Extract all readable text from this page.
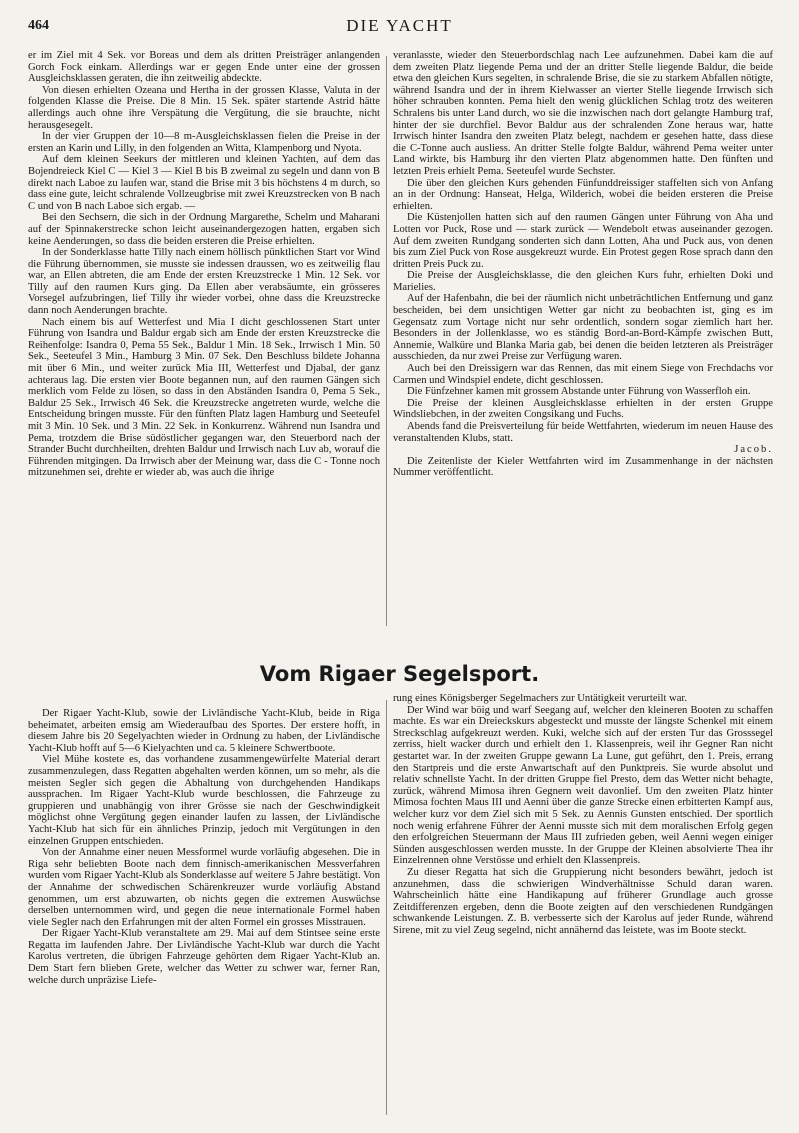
464	DIE YACHT

er im Ziel mit 4 Sek. vor Boreas und dem als dritten Preisträger anlangenden Gorch Fock einkam. Allerdings war er gegen Ende unter eine der grossen Ausgleichsklassen geraten, die ihn zeitweilig abdeckte.

Von diesen erhielten Ozeana und Hertha in der grossen Klasse, Valuta in der folgenden Klasse die Preise. Die 8 Min. 15 Sek. später startende Astrid hätte allerdings auch ohne ihre Verspätung die Vergütung, die sie brauchte, nicht herausgesegelt.

In der vier Gruppen der 10—8 m-Ausgleichsklassen fielen die Preise in der ersten an Karin und Lilly, in den folgenden an Witta, Klampenborg und Nyota.

Auf dem kleinen Seekurs der mittleren und kleinen Yachten, auf dem das Bojendreieck Kiel C — Kiel 3 — Kiel B bis B zweimal zu segeln und dann von B direkt nach Laboe zu laufen war, stand die Brise mit 3 bis höchstens 4 m durch, so dass eine gute, leicht schralende Vollzeugbrise mit zwei Kreuzstrecken von B nach C und von B nach Laboe sich ergab. —

Bei den Sechsern, die sich in der Ordnung Margarethe, Schelm und Maharani auf der Spinnakerstrecke schon leicht auseinandergezogen hatten, ergaben sich keine Aenderungen, so dass die beiden ersteren die Preise erhielten.

In der Sonderklasse hatte Tilly nach einem höllisch pünktlichen Start vor Wind die Führung übernommen, sie musste sie indessen draussen, wo es zeitweilig flau war, an Ellen abtreten, die am Ende der ersten Kreuzstrecke 1 Min. 12 Sek. vor Tilly auf den raumen Kurs ging. Da Ellen aber verabsäumte, ein grösseres Vorsegel aufzubringen, lief Tilly ihr wieder vorbei, ohne dass die Kreuzstrecke dann noch Aenderungen brachte.

Nach einem bis auf Wetterfest und Mia I dicht geschlossenen Start unter Führung von Isandra und Baldur ergab sich am Ende der ersten Kreuzstrecke die Reihenfolge: Isandra 0, Pema 55 Sek., Baldur 1 Min. 18 Sek., Irrwisch 1 Min. 50 Sek., Seeteufel 3 Min., Hamburg 3 Min. 07 Sek. Den Beschluss bildete Johanna mit über 6 Min., und weiter zurück Mia III, Wetterfest und Djabal, der ganz achteraus lag. Die ersten vier Boote begannen nun, auf den raumen Gängen sich merklich vom Felde zu lösen, so dass in den Abständen Isandra 0, Pema 5 Sek., Baldur 25 Sek., Irrwisch 46 Sek. die Kreuzstrecke angetreten wurde, welche die Entscheidung bringen musste. Für den fünften Platz lagen Hamburg und Seeteufel mit 3 Min. 10 Sek. und 3 Min. 22 Sek. in Konkurrenz. Während nun Isandra und Pema, trotzdem die Brise südöstlicher gegangen war, den Steuerbord nach der Strander Bucht durchheilten, drehten Baldur und Irrwisch nach Luv ab, worauf die Führenden mitgingen. Da Irrwisch aber der Meinung war, dass die C - Tonne noch mitzunehmen sei, drehte er wieder ab, was auch die ihrige

veranlasste, wieder den Steuerbordschlag nach Lee aufzunehmen. Dabei kam die auf dem zweiten Platz liegende Pema und der an dritter Stelle liegende Baldur, die beide etwa den gleichen Kurs segelten, in schralende Brise, die sie zu starkem Abfallen nötigte, während Isandra und der in ihrem Kielwasser an vierter Stelle liegende Irrwisch sich höher schrauben konnten. Pema hielt den wenig glücklichen Schlag trotz des weiteren Schralens bis unter Land durch, wo sie die inzwischen nach dort gelangte Hamburg traf, hinter der sie durchfiel. Bevor Baldur aus der schralenden Zone heraus war, hatte Irrwisch hinter Isandra den zweiten Platz belegt, nachdem er gesehen hatte, dass diese die C-Tonne auch ausliess. An dritter Stelle folgte Baldur, während Pema weiter unter Land wirkte, bis Hamburg ihr den vierten Platz abgenommen hatte. Den fünften und letzten Preis erhielt Pema. Seeteufel wurde Sechster.

Die über den gleichen Kurs gehenden Fünfunddreissiger staffelten sich von Anfang an in der Ordnung: Hanseat, Helga, Wilderich, wobei die beiden ersteren die Preise erhielten.

Die Küstenjollen hatten sich auf den raumen Gängen unter Führung von Aha und Lotten vor Puck, Rose und — stark zurück — Wendebolt etwas auseinander gezogen. Auf dem zweiten Rundgang sonderten sich dann Lotten, Aha und Puck aus, von denen bis zum Ziel Puck von Rose ausgekreuzt wurde. Ein Protest gegen Rose sprach dann den dritten Preis Puck zu.

Die Preise der Ausgleichsklasse, die den gleichen Kurs fuhr, erhielten Doki und Marielies.

Auf der Hafenbahn, die bei der räumlich nicht unbeträchtlichen Entfernung und ganz bescheiden, bei dem unsichtigen Wetter gar nicht zu beobachten ist, ging es im Gegensatz zum Vortage nicht nur sehr ordentlich, sondern sogar ziemlich hart her. Besonders in der Jollenklasse, wo es ständig Bord-an-Bord-Kämpfe zwischen Butt, Annemie, Walküre und Blanka Maria gab, bei denen die beiden letzteren als Preisträger ausschieden, da nur zwei Preise zur Verfügung waren.

Auch bei den Dreissigern war das Rennen, das mit einem Siege von Frechdachs vor Carmen und Windspiel endete, dicht geschlossen.

Die Fünfzehner kamen mit grossem Abstande unter Führung von Wasserfloh ein.

Die Preise der kleinen Ausgleichsklasse erhielten in der ersten Gruppe Windsliebchen, in der zweiten Congsikang und Fuchs.

Abends fand die Preisverteilung für beide Wettfahrten, wiederum im neuen Hause des veranstaltenden Klubs, statt.

Jacob.

Die Zeitenliste der Kieler Wettfahrten wird im Zusammenhange in der nächsten Nummer veröffentlicht.

Vom Rigaer Segelsport.

Der Rigaer Yacht-Klub, sowie der Livländische Yacht-Klub, beide in Riga beheimatet, arbeiten emsig am Wiederaufbau des Sportes. Der erstere hofft, in diesem Jahre bis 20 Segelyachten wieder in Ordnung zu haben, der Livländische Yacht-Klub hofft auf 5—6 Kielyachten und ca. 5 kleinere Schwertboote.

Viel Mühe kostete es, das vorhandene zusammengewürfelte Material derart zusammenzulegen, dass Regatten abgehalten werden können, um so mehr, als die meisten Segler sich gegen die Abhaltung von durchgehenden Handikaps aussprachen. Im Rigaer Yacht-Klub wurde beschlossen, die Fahrzeuge zu gruppieren und unabhängig von ihrer Grösse sie nach der Geschwindigkeit möglichst ohne Vergütung gegen einander laufen zu lassen, der Livländische Yacht-Klub hat sich für ein ähnliches Prinzip, jedoch mit Vergütungen in den einzelnen Gruppen entschieden.

Von der Annahme einer neuen Messformel wurde vorläufig abgesehen. Die in Riga sehr beliebten Boote nach dem finnisch-amerikanischen Messverfahren wurden vom Rigaer Yacht-Klub als Sonderklasse auf weitere 5 Jahre bestätigt. Von der Annahme der schwedischen Schärenkreuzer wurde vorläufig Abstand genommen, um erst abzuwarten, ob nichts gegen die extremen Auswüchse derselben unternommen wird, und gegen die neue internationale Formel haben viele Segler nach den Erfahrungen mit der alten Formel ein grosses Misstrauen.

Der Rigaer Yacht-Klub veranstaltete am 29. Mai auf dem Stintsee seine erste Regatta im laufenden Jahre. Der Livländische Yacht-Klub war durch die Yacht Karolus vertreten, die übrigen Fahrzeuge gehörten dem Rigaer Yacht-Klub an. Dem Start fern blieben Grete, welcher das Wetter zu schwer war, ferner Ran, welche durch unpräzise Liefe-

rung eines Königsberger Segelmachers zur Untätigkeit verurteilt war.

Der Wind war böig und warf Seegang auf, welcher den kleineren Booten zu schaffen machte. Es war ein Dreieckskurs abgesteckt und musste der längste Schenkel mit einem Streckschlag aufgekreuzt werden. Kuki, welche sich auf der ersten Tur das Grosssegel zerriss, hielt wacker durch und erhielt den 1. Klassenpreis, weil ihr Gegner Ran nicht gestartet war. In der zweiten Gruppe gewann La Lune, gut geführt, den 1. Preis, errang den Startpreis und die erste Anwartschaft auf den Punktpreis. Sie wurde absolut und relativ schnellste Yacht. In der dritten Gruppe fiel Presto, dem das Wetter nicht behagte, zurück, während Mimosa ihren Gegnern weit davonlief. Um den zweiten Platz hinter Mimosa fochten Maus III und Aenni über die ganze Strecke einen erbitterten Kampf aus, welcher kurz vor dem Ziel sich mit 5 Sek. zu Aennis Gunsten entschied. Der sportlich noch wenig erfahrene Führer der Aenni musste sich mit dem moralischen Erfolg gegen den erfolgreichen Steuermann der Maus III zufrieden geben, weil Aenni wegen einiger Sünden ausgeschlossen werden musste. In der Gruppe der Kleinen absolvierte Thea ihr Einzelrennen ohne Verstösse und erhielt den Klassenpreis.

Zu dieser Regatta hat sich die Gruppierung nicht besonders bewährt, jedoch ist anzunehmen, dass die schwierigen Windverhältnisse Schuld daran waren. Wahrscheinlich hätte eine Handikapung auf früherer Grundlage auch grosse Zeitdifferenzen ergeben, denn die Boote zeigten auf den verschiedenen Rundgängen schwankende Leistungen. Z. B. verbesserte sich der Karolus auf jeder Runde, während Sirene, mit zu viel Zeug segelnd, nicht annähernd das leistete, was im Boote steckt.
